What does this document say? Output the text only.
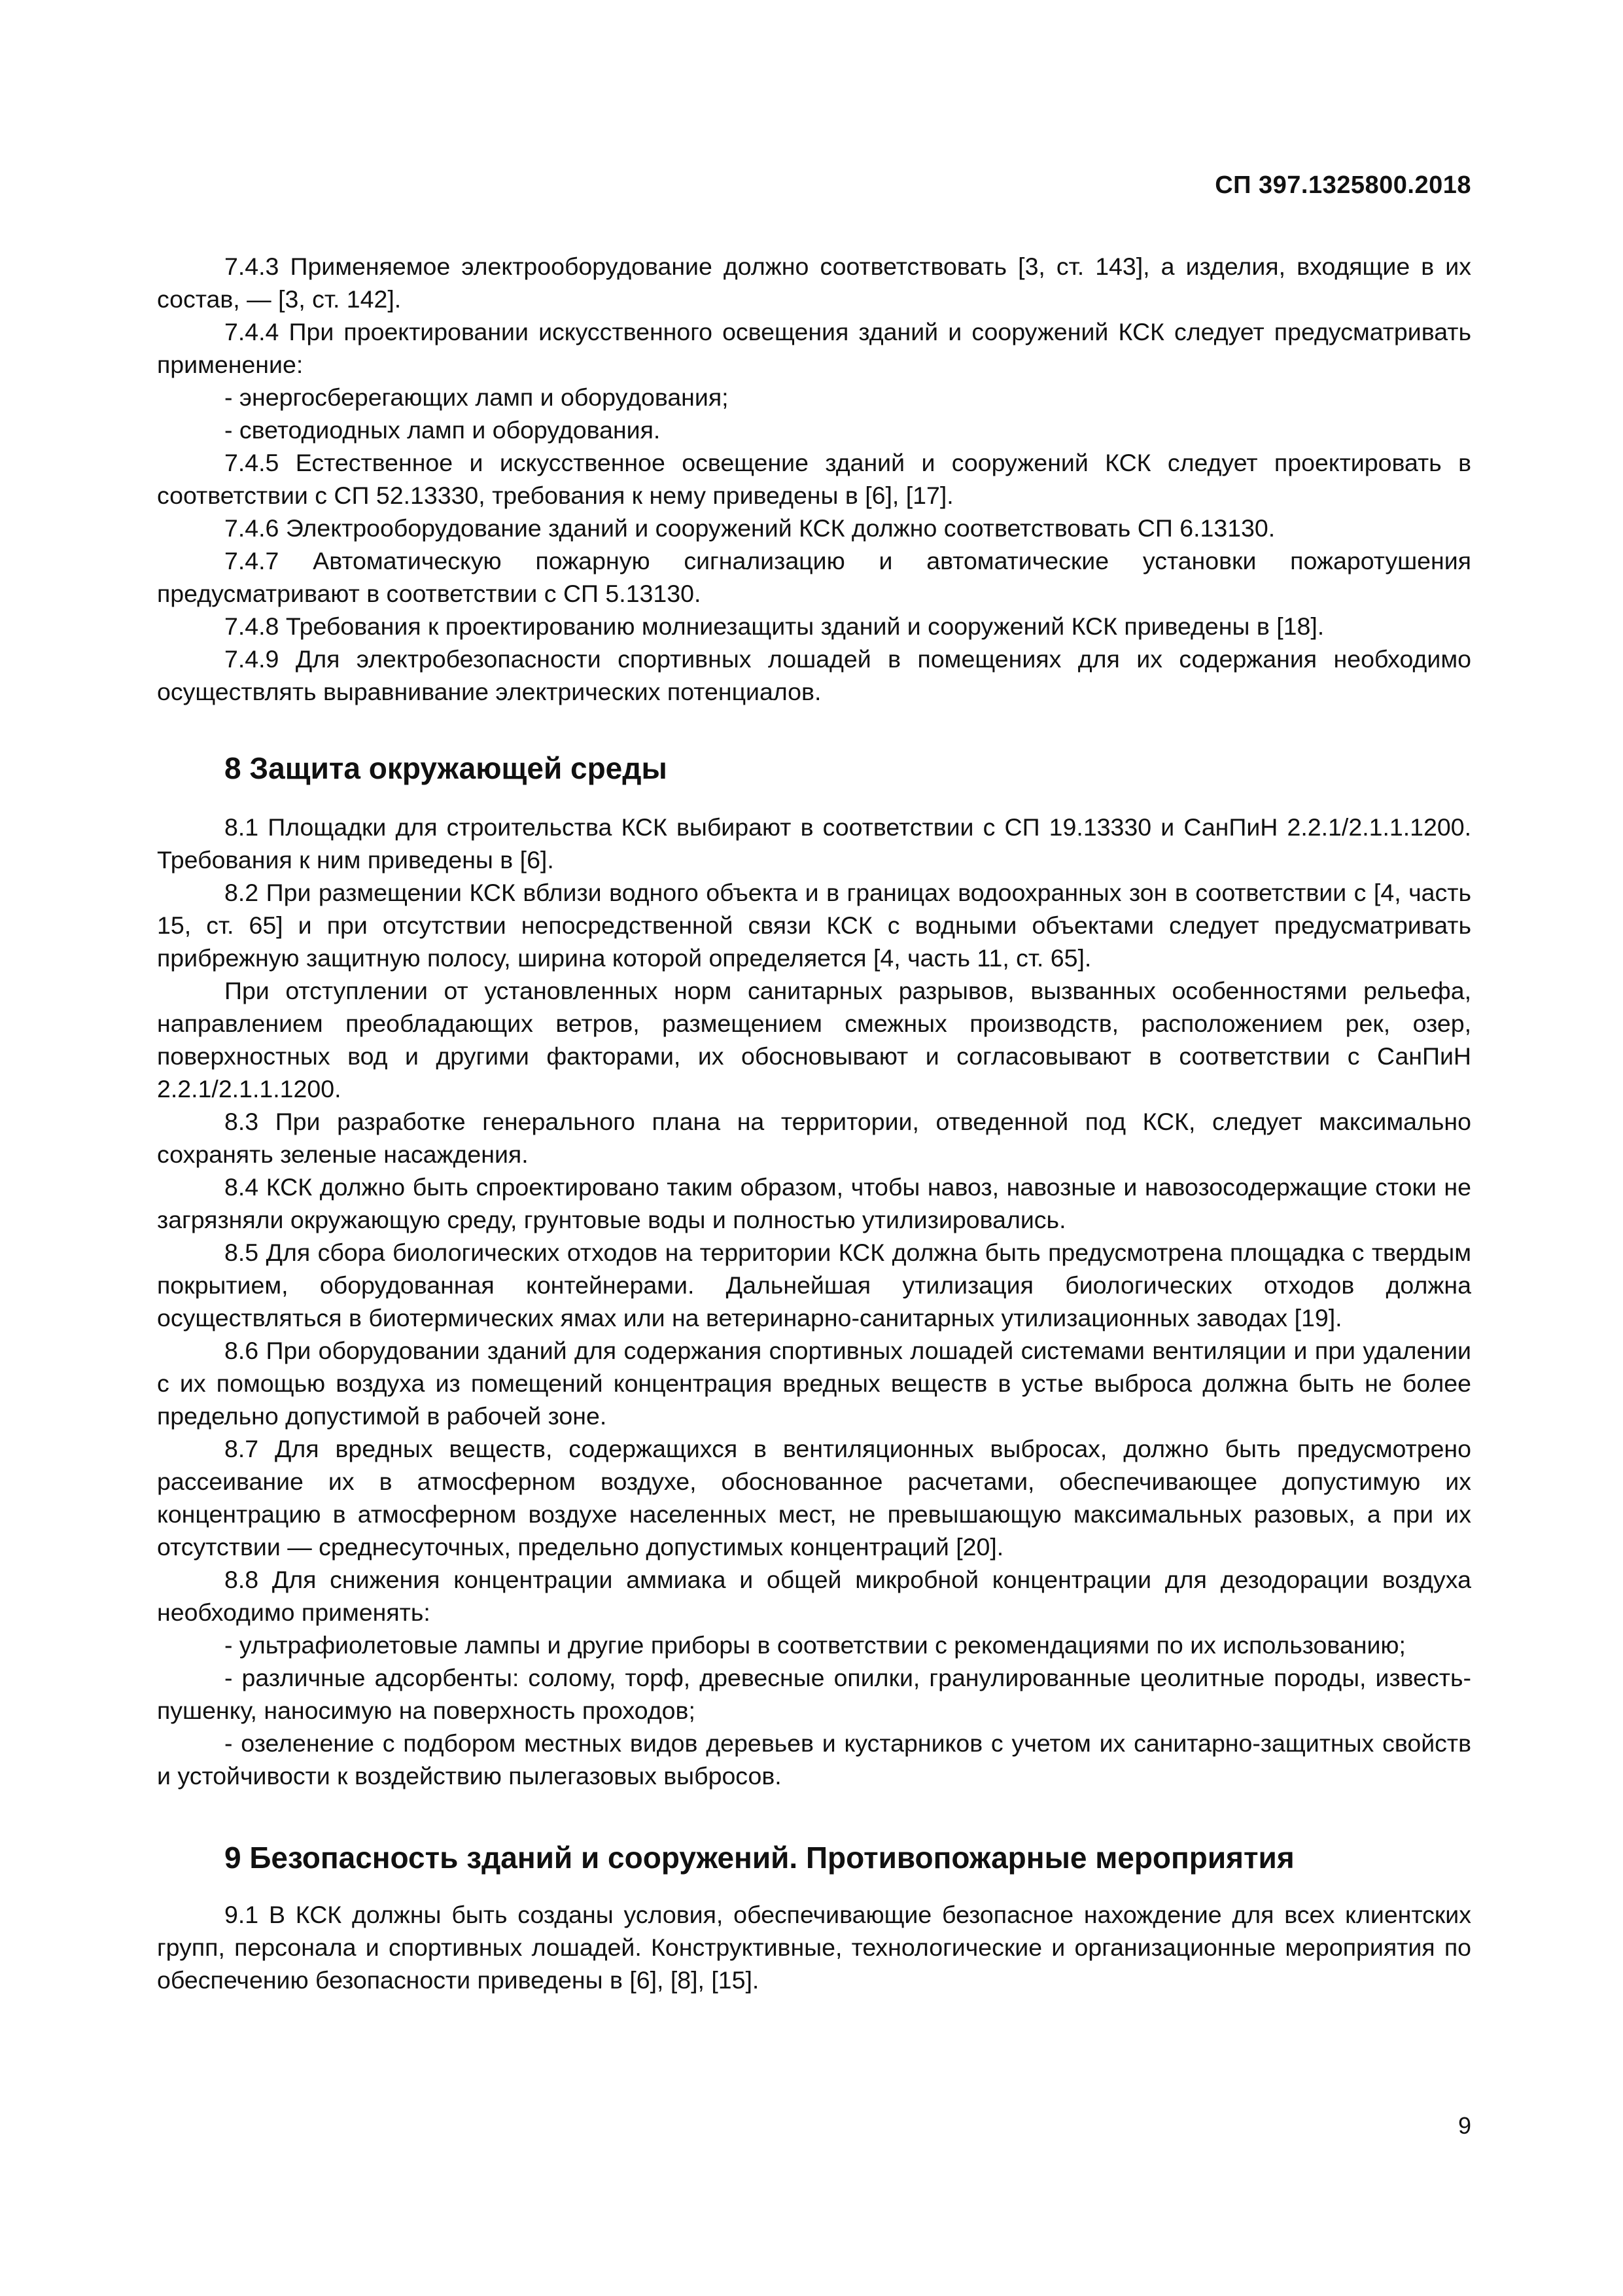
СП 397.1325800.2018

7.4.3 Применяемое электрооборудование должно соответствовать [3, ст. 143], а изделия, входящие в их состав, — [3, ст. 142].

7.4.4 При проектировании искусственного освещения зданий и сооружений КСК следует предусматривать применение:

- энергосберегающих ламп и оборудования;

- светодиодных ламп и оборудования.

7.4.5 Естественное и искусственное освещение зданий и сооружений КСК следует проектировать в соответствии с СП 52.13330, требования к нему приведены в [6], [17].

7.4.6 Электрооборудование зданий и сооружений КСК должно соответствовать СП 6.13130.

7.4.7 Автоматическую пожарную сигнализацию и автоматические установки пожаротушения предусматривают в соответствии с СП 5.13130.

7.4.8 Требования к проектированию молниезащиты зданий и сооружений КСК приведены в [18].

7.4.9 Для электробезопасности спортивных лошадей в помещениях для их содержания необходимо осуществлять выравнивание электрических потенциалов.

8 Защита окружающей среды

8.1 Площадки для строительства КСК выбирают в соответствии с СП 19.13330 и СанПиН 2.2.1/2.1.1.1200. Требования к ним приведены в [6].

8.2 При размещении КСК вблизи водного объекта и в границах водоохранных зон в соответствии с [4, часть 15, ст. 65] и при отсутствии непосредственной связи КСК с водными объектами следует предусматривать прибрежную защитную полосу, ширина которой определяется [4, часть 11, ст. 65].

При отступлении от установленных норм санитарных разрывов, вызванных особенностями рельефа, направлением преобладающих ветров, размещением смежных производств, расположением рек, озер, поверхностных вод и другими факторами, их обосновывают и согласовывают в соответствии с СанПиН 2.2.1/2.1.1.1200.

8.3 При разработке генерального плана на территории, отведенной под КСК, следует максимально сохранять зеленые насаждения.

8.4 КСК должно быть спроектировано таким образом, чтобы навоз, навозные и навозосодержащие стоки не загрязняли окружающую среду, грунтовые воды и полностью утилизировались.

8.5 Для сбора биологических отходов на территории КСК должна быть предусмотрена площадка с твердым покрытием, оборудованная контейнерами. Дальнейшая утилизация биологических отходов должна осуществляться в биотермических ямах или на ветеринарно-санитарных утилизационных заводах [19].

8.6 При оборудовании зданий для содержания спортивных лошадей системами вентиляции и при удалении с их помощью воздуха из помещений концентрация вредных веществ в устье выброса должна быть не более предельно допустимой в рабочей зоне.

8.7 Для вредных веществ, содержащихся в вентиляционных выбросах, должно быть предусмотрено рассеивание их в атмосферном воздухе, обоснованное расчетами, обеспечивающее допустимую их концентрацию в атмосферном воздухе населенных мест, не превышающую максимальных разовых, а при их отсутствии — среднесуточных, предельно допустимых концентраций [20].

8.8 Для снижения концентрации аммиака и общей микробной концентрации для дезодорации воздуха необходимо применять:

- ультрафиолетовые лампы и другие приборы в соответствии с рекомендациями по их использованию;

- различные адсорбенты: солому, торф, древесные опилки, гранулированные цеолитные породы, известь-пушенку, наносимую на поверхность проходов;

- озеленение с подбором местных видов деревьев и кустарников с учетом их санитарно-защитных свойств и устойчивости к воздействию пылегазовых выбросов.

9 Безопасность зданий и сооружений. Противопожарные мероприятия

9.1 В КСК должны быть созданы условия, обеспечивающие безопасное нахождение для всех клиентских групп, персонала и спортивных лошадей. Конструктивные, технологические и организационные мероприятия по обеспечению безопасности приведены в [6], [8], [15].

9
